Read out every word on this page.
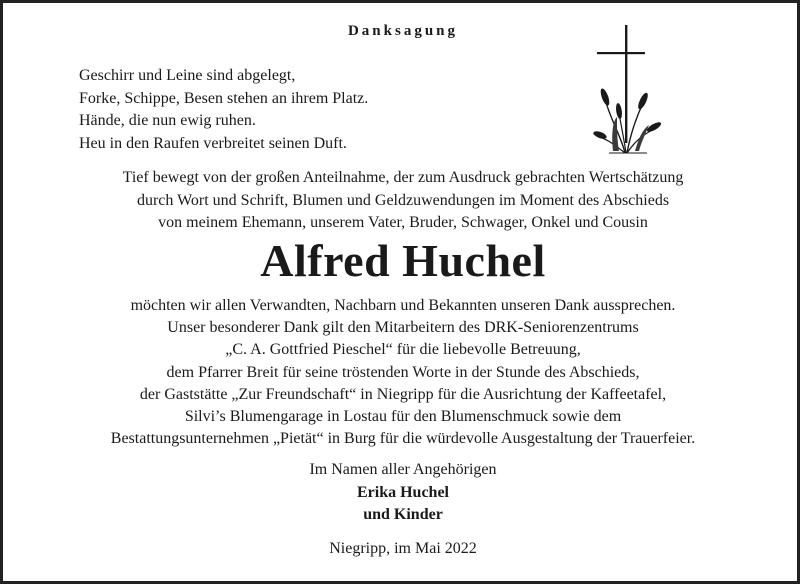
Danksagung
Geschirr und Leine sind abgelegt,
Forke, Schippe, Besen stehen an ihrem Platz.
Hände, die nun ewig ruhen.
Heu in den Raufen verbreitet seinen Duft.
Tief bewegt von der großen Anteilnahme, der zum Ausdruck gebrachten Wertschätzung
durch Wort und Schrift, Blumen und Geldzuwendungen im Moment des Abschieds
von meinem Ehemann, unserem Vater, Bruder, Schwager, Onkel und Cousin
Alfred Huchel
möchten wir allen Verwandten, Nachbarn und Bekannten unseren Dank aussprechen.
Unser besonderer Dank gilt den Mitarbeitern des DRK-Seniorenzentrums
„C. A. Gottfried Pieschel“ für die liebevolle Betreuung,
dem Pfarrer Breit für seine tröstenden Worte in der Stunde des Abschieds,
der Gaststätte „Zur Freundschaft“ in Niegripp für die Ausrichtung der Kaffeetafel,
Silvi’s Blumengarage in Lostau für den Blumenschmuck sowie dem
Bestattungsunternehmen „Pietät“ in Burg für die würdevolle Ausgestaltung der Trauerfeier.
Im Namen aller Angehörigen
Erika Huchel
und Kinder
Niegripp, im Mai 2022
